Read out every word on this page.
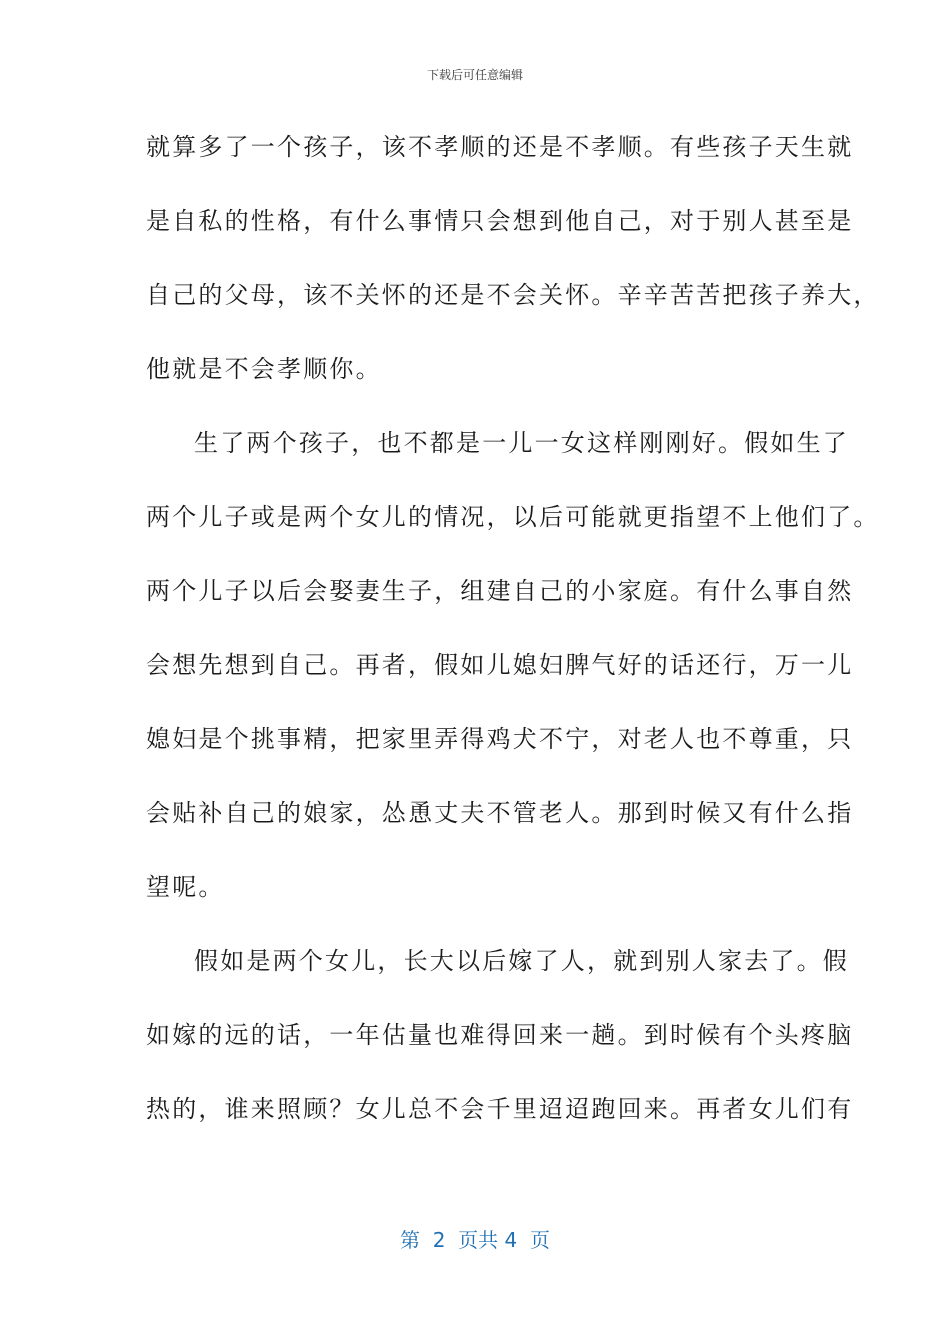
下载后可任意编辑
就算多了一个孩子，该不孝顺的还是不孝顺。有些孩子天生就
是自私的性格，有什么事情只会想到他自己，对于别人甚至是
自己的父母，该不关怀的还是不会关怀。辛辛苦苦把孩子养大，
他就是不会孝顺你。
生了两个孩子，也不都是一儿一女这样刚刚好。假如生了
两个儿子或是两个女儿的情况，以后可能就更指望不上他们了。
两个儿子以后会娶妻生子，组建自己的小家庭。有什么事自然
会想先想到自己。再者，假如儿媳妇脾气好的话还行，万一儿
媳妇是个挑事精，把家里弄得鸡犬不宁，对老人也不尊重，只
会贴补自己的娘家，怂恿丈夫不管老人。那到时候又有什么指
望呢。
假如是两个女儿，长大以后嫁了人，就到别人家去了。假
如嫁的远的话，一年估量也难得回来一趟。到时候有个头疼脑
热的，谁来照顾？女儿总不会千里迢迢跑回来。再者女儿们有
第  2  页共 4  页
